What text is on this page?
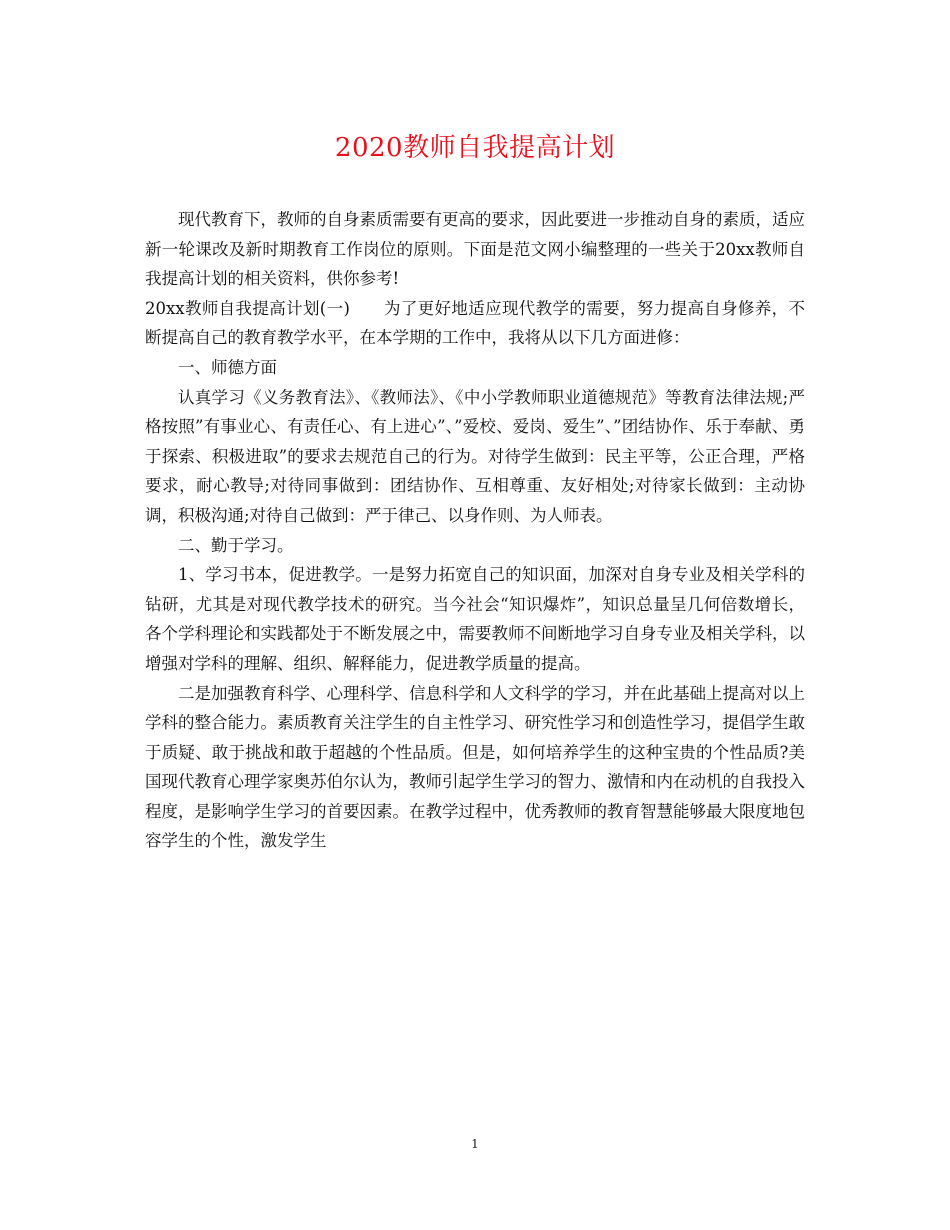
2020教师自我提高计划

现代教育下，教师的自身素质需要有更高的要求，因此要进一步推动自身的素质，适应新一轮课改及新时期教育工作岗位的原则。下面是范文网小编整理的一些关于20xx教师自我提高计划的相关资料，供你参考!

20xx教师自我提高计划(一)　　为了更好地适应现代教学的需要，努力提高自身修养，不断提高自己的教育教学水平，在本学期的工作中，我将从以下几方面进修：

一、师德方面

认真学习《义务教育法》、《教师法》、《中小学教师职业道德规范》等教育法律法规;严格按照”有事业心、有责任心、有上进心”、”爱校、爱岗、爱生”、”团结协作、乐于奉献、勇于探索、积极进取”的要求去规范自己的行为。对待学生做到：民主平等，公正合理，严格要求，耐心教导;对待同事做到：团结协作、互相尊重、友好相处;对待家长做到：主动协调，积极沟通;对待自己做到：严于律己、以身作则、为人师表。

二、勤于学习。

1、学习书本，促进教学。一是努力拓宽自己的知识面，加深对自身专业及相关学科的钻研，尤其是对现代教学技术的研究。当今社会“知识爆炸”，知识总量呈几何倍数增长，各个学科理论和实践都处于不断发展之中，需要教师不间断地学习自身专业及相关学科，以增强对学科的理解、组织、解释能力，促进教学质量的提高。

二是加强教育科学、心理科学、信息科学和人文科学的学习，并在此基础上提高对以上学科的整合能力。素质教育关注学生的自主性学习、研究性学习和创造性学习，提倡学生敢于质疑、敢于挑战和敢于超越的个性品质。但是，如何培养学生的这种宝贵的个性品质?美国现代教育心理学家奥苏伯尔认为，教师引起学生学习的智力、激情和内在动机的自我投入程度，是影响学生学习的首要因素。在教学过程中，优秀教师的教育智慧能够最大限度地包容学生的个性，激发学生

1
